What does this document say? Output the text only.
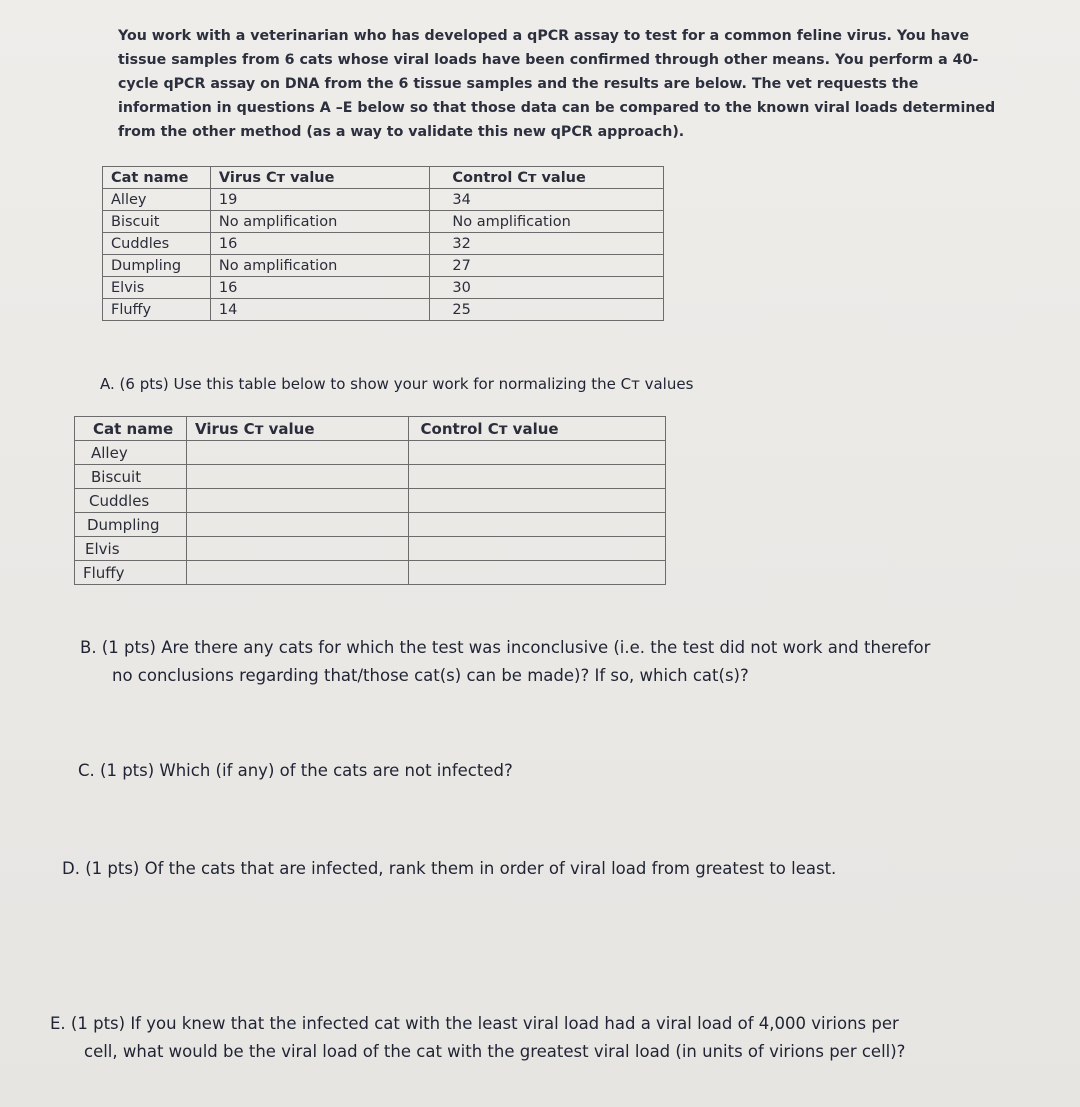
You work with a veterinarian who has developed a qPCR assay to test for a common feline virus. You have tissue samples from 6 cats whose viral loads have been confirmed through other means. You perform a 40-cycle qPCR assay on DNA from the 6 tissue samples and the results are below. The vet requests the information in questions A –E below so that those data can be compared to the known viral loads determined from the other method (as a way to validate this new qPCR approach).

Cat name	Virus Cᴛ value	Control Cᴛ value
Alley	19	34
Biscuit	No amplification	No amplification
Cuddles	16	32
Dumpling	No amplification	27
Elvis	16	30
Fluffy	14	25

A. (6 pts) Use this table below to show your work for normalizing the Cᴛ values

Cat name	Virus Cᴛ value	Control Cᴛ value
Alley		
Biscuit		
Cuddles		
Dumpling		
Elvis		
Fluffy		

B. (1 pts) Are there any cats for which the test was inconclusive (i.e. the test did not work and therefor
no conclusions regarding that/those cat(s) can be made)? If so, which cat(s)?

C. (1 pts) Which (if any) of the cats are not infected?

D. (1 pts) Of the cats that are infected, rank them in order of viral load from greatest to least.

E. (1 pts) If you knew that the infected cat with the least viral load had a viral load of 4,000 virions per
cell, what would be the viral load of the cat with the greatest viral load (in units of virions per cell)?
